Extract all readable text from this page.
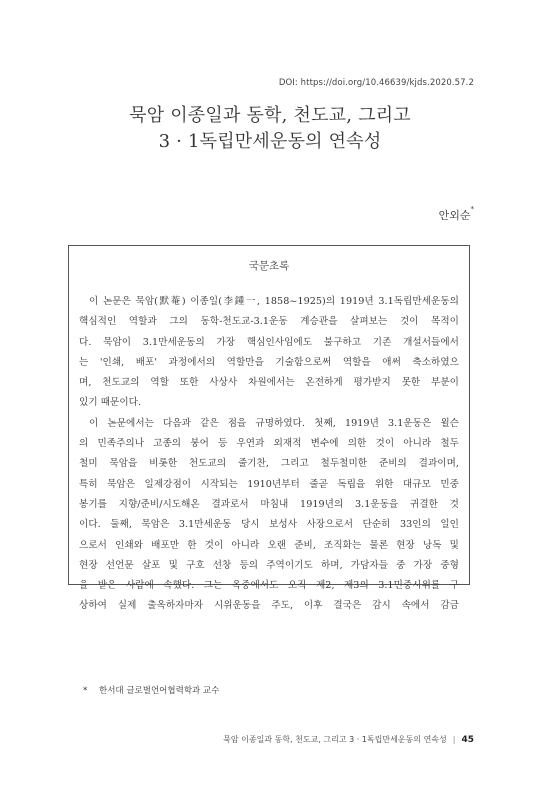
DOI: https://doi.org/10.46639/kjds.2020.57.2
묵암 이종일과 동학, 천도교, 그리고
3 · 1독립만세운동의 연속성
안외순*
국문초록
이 논문은 묵암(默菴) 이종일(李鍾一, 1858~1925)의 1919년 3.1독립만세운동의
핵심적인 역할과 그의 동학-천도교-3.1운동 계승관을 살펴보는 것이 목적이
다. 묵암이 3.1만세운동의 가장 핵심인사임에도 불구하고 기존 개설서들에서
는 '인쇄, 배포' 과정에서의 역할만을 기술함으로써 역할을 애써 축소하였으
며, 천도교의 역할 또한 사상사 차원에서는 온전하게 평가받지 못한 부분이
있기 때문이다.
이 논문에서는 다음과 같은 점을 규명하였다. 첫째, 1919년 3.1운동은 윌슨
의 민족주의나 고종의 붕어 등 우연과 외재적 변수에 의한 것이 아니라 철두
철미 묵암을 비롯한 천도교의 줄기찬, 그리고 철두철미한 준비의 결과이며,
특히 묵암은 일제강점이 시작되는 1910년부터 줄곧 독립을 위한 대규모 민중
봉기를 지향/준비/시도해온 결과로서 마침내 1919년의 3.1운동을 귀결한 것
이다. 둘째, 묵암은 3.1만세운동 당시 보성사 사장으로서 단순히 33인의 일인
으로서 인쇄와 배포만 한 것이 아니라 오랜 준비, 조직화는 물론 현장 낭독 및
현장 선언문 살포 및 구호 선창 등의 주역이기도 하며, 가담자들 중 가장 중형
을 받은 사람에 속했다. 그는 옥중에서도 오직 제2, 제3의 3.1민중시위를 구
상하여 실제 출옥하자마자 시위운동을 주도, 이후 결국은 감시 속에서 감금
* 한서대 글로벌언어협력학과 교수
묵암 이종일과 동학, 천도교, 그리고 3 · 1독립만세운동의 연속성 | 45
